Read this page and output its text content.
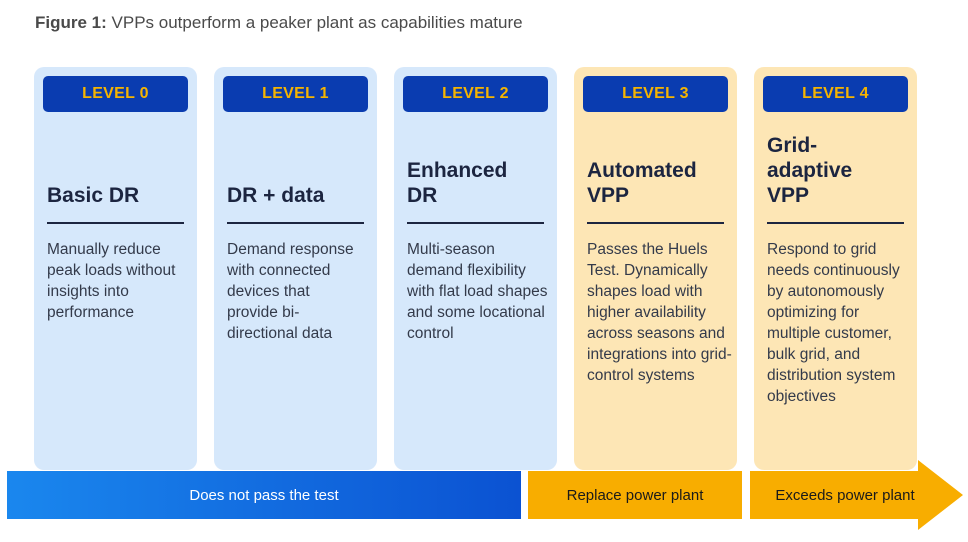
Figure 1: VPPs outperform a peaker plant as capabilities mature
LEVEL 0
Basic DR
Manually reduce peak loads without insights into performance
LEVEL 1
DR + data
Demand response with connected devices that provide bi-directional data
LEVEL 2
Enhanced DR
Multi-season demand flexibility with flat load shapes and some locational control
LEVEL 3
Automated VPP
Passes the Huels Test. Dynamically shapes load with higher availability across seasons and integrations into grid-control systems
LEVEL 4
Grid-adaptive VPP
Respond to grid needs continuously by autonomously optimizing for multiple customer, bulk grid, and distribution system objectives
Does not pass the test	Replace power plant	Exceeds power plant
